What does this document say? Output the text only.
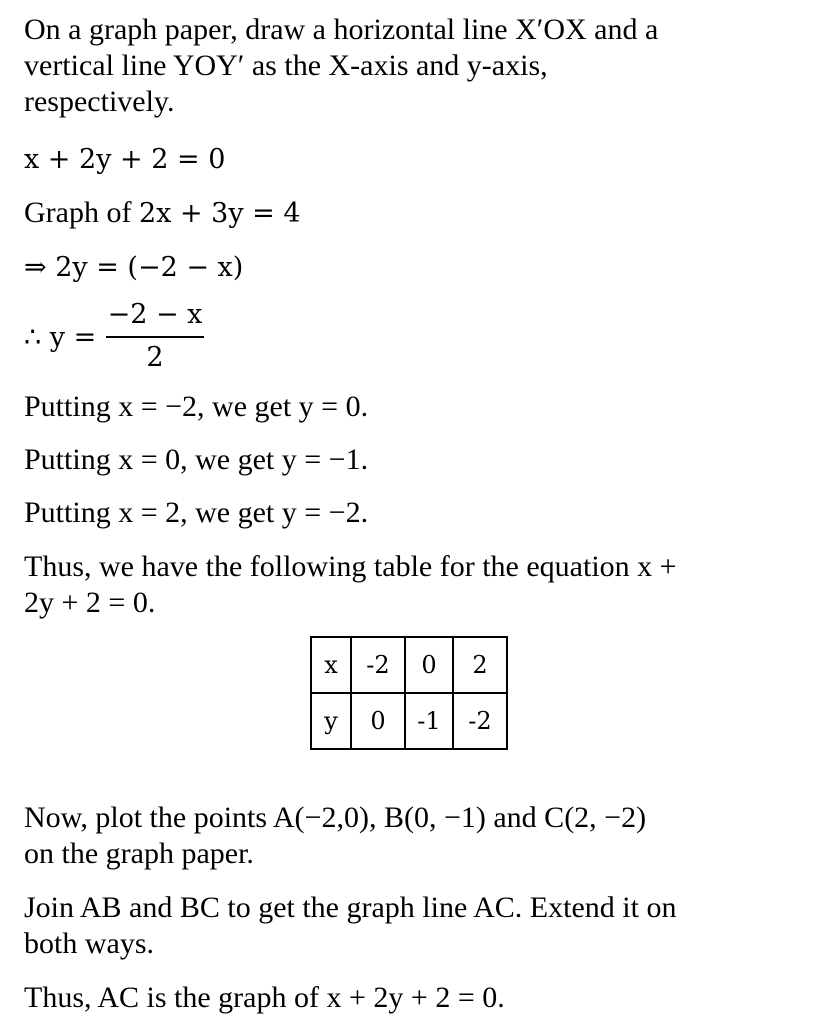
On a graph paper, draw a horizontal line X′OX and a

vertical line YOY′ as the X-axis and y-axis,

respectively.

x + 2y + 2 = 0
Graph of 2x + 3y = 4
⇒ 2y = (−2 − x)
∴ y =
−2 − x
2
Putting x = −2, we get y = 0.
Putting x = 0, we get y = −1.
Putting x = 2, we get y = −2.

Thus, we have the following table for the equation x +

2y + 2 = 0.

x	-2	0	2
y	0	-1	-2

Now, plot the points A(−2,0), B(0, −1) and C(2, −2)

on the graph paper.

Join AB and BC to get the graph line AC. Extend it on

both ways.

Thus, AC is the graph of x + 2y + 2 = 0.
